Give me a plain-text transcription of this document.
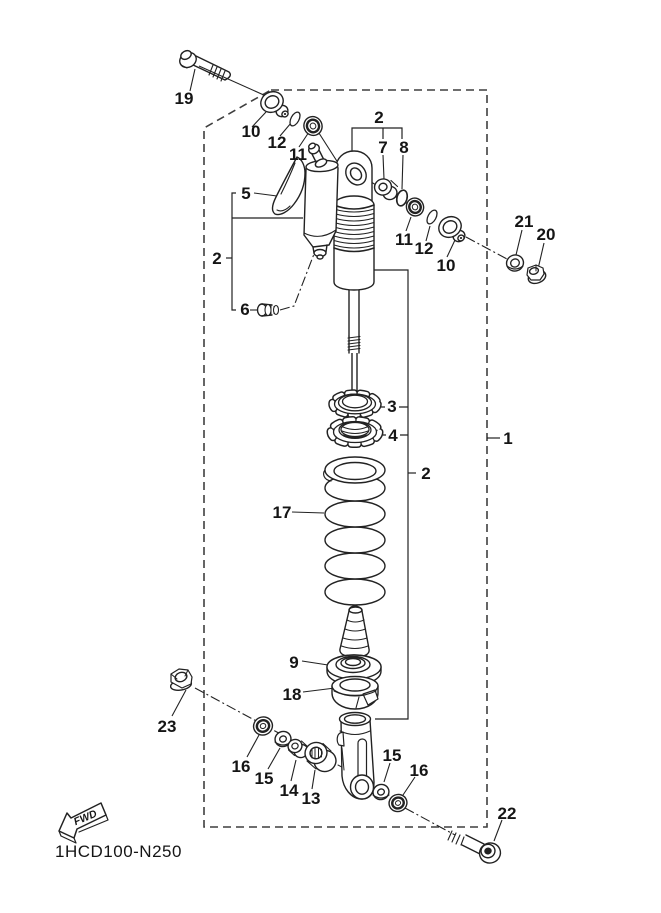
19
10
12
11
2
7 8
5
11 12
10
21
20
2
6
3
4	1
2
17
9
18
23
16
15
14 13
15
16
22
FWD
1HCD100-N250
